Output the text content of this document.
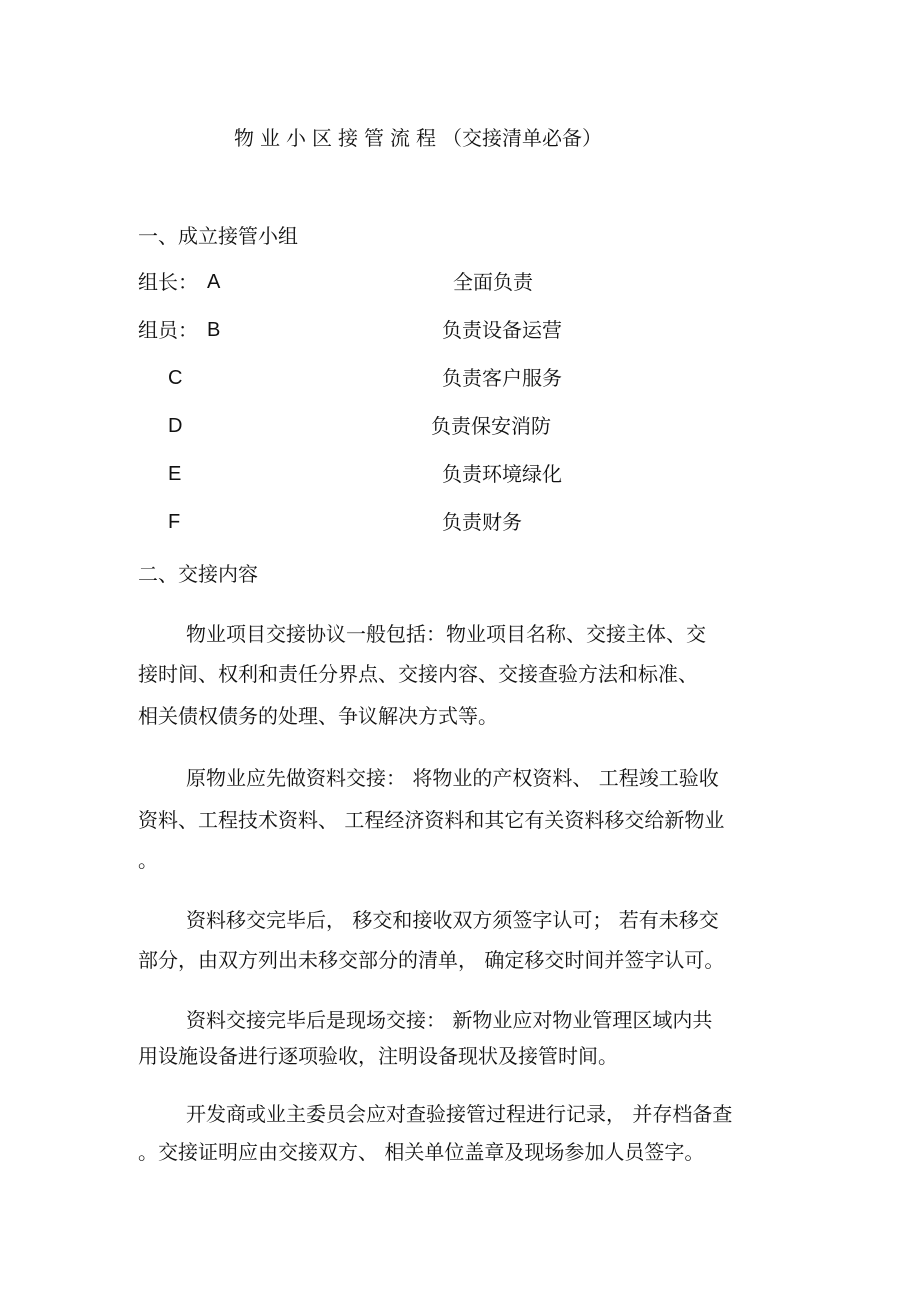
物业小区接管流程（交接清单必备）
一、成立接管小组
组长： A	全面负责
组员： B	负责设备运营
C	负责客户服务
D	负责保安消防
E	负责环境绿化
F	负责财务
二、交接内容
物业项目交接协议一般包括：物业项目名称、交接主体、交
接时间、权利和责任分界点、交接内容、交接查验方法和标准、
相关债权债务的处理、争议解决方式等。
原物业应先做资料交接： 将物业的产权资料、 工程竣工验收
资料、工程技术资料、 工程经济资料和其它有关资料移交给新物业
。
资料移交完毕后， 移交和接收双方须签字认可； 若有未移交
部分，由双方列出未移交部分的清单， 确定移交时间并签字认可。
资料交接完毕后是现场交接： 新物业应对物业管理区域内共
用设施设备进行逐项验收，注明设备现状及接管时间。
开发商或业主委员会应对查验接管过程进行记录， 并存档备查
。交接证明应由交接双方、 相关单位盖章及现场参加人员签字。
